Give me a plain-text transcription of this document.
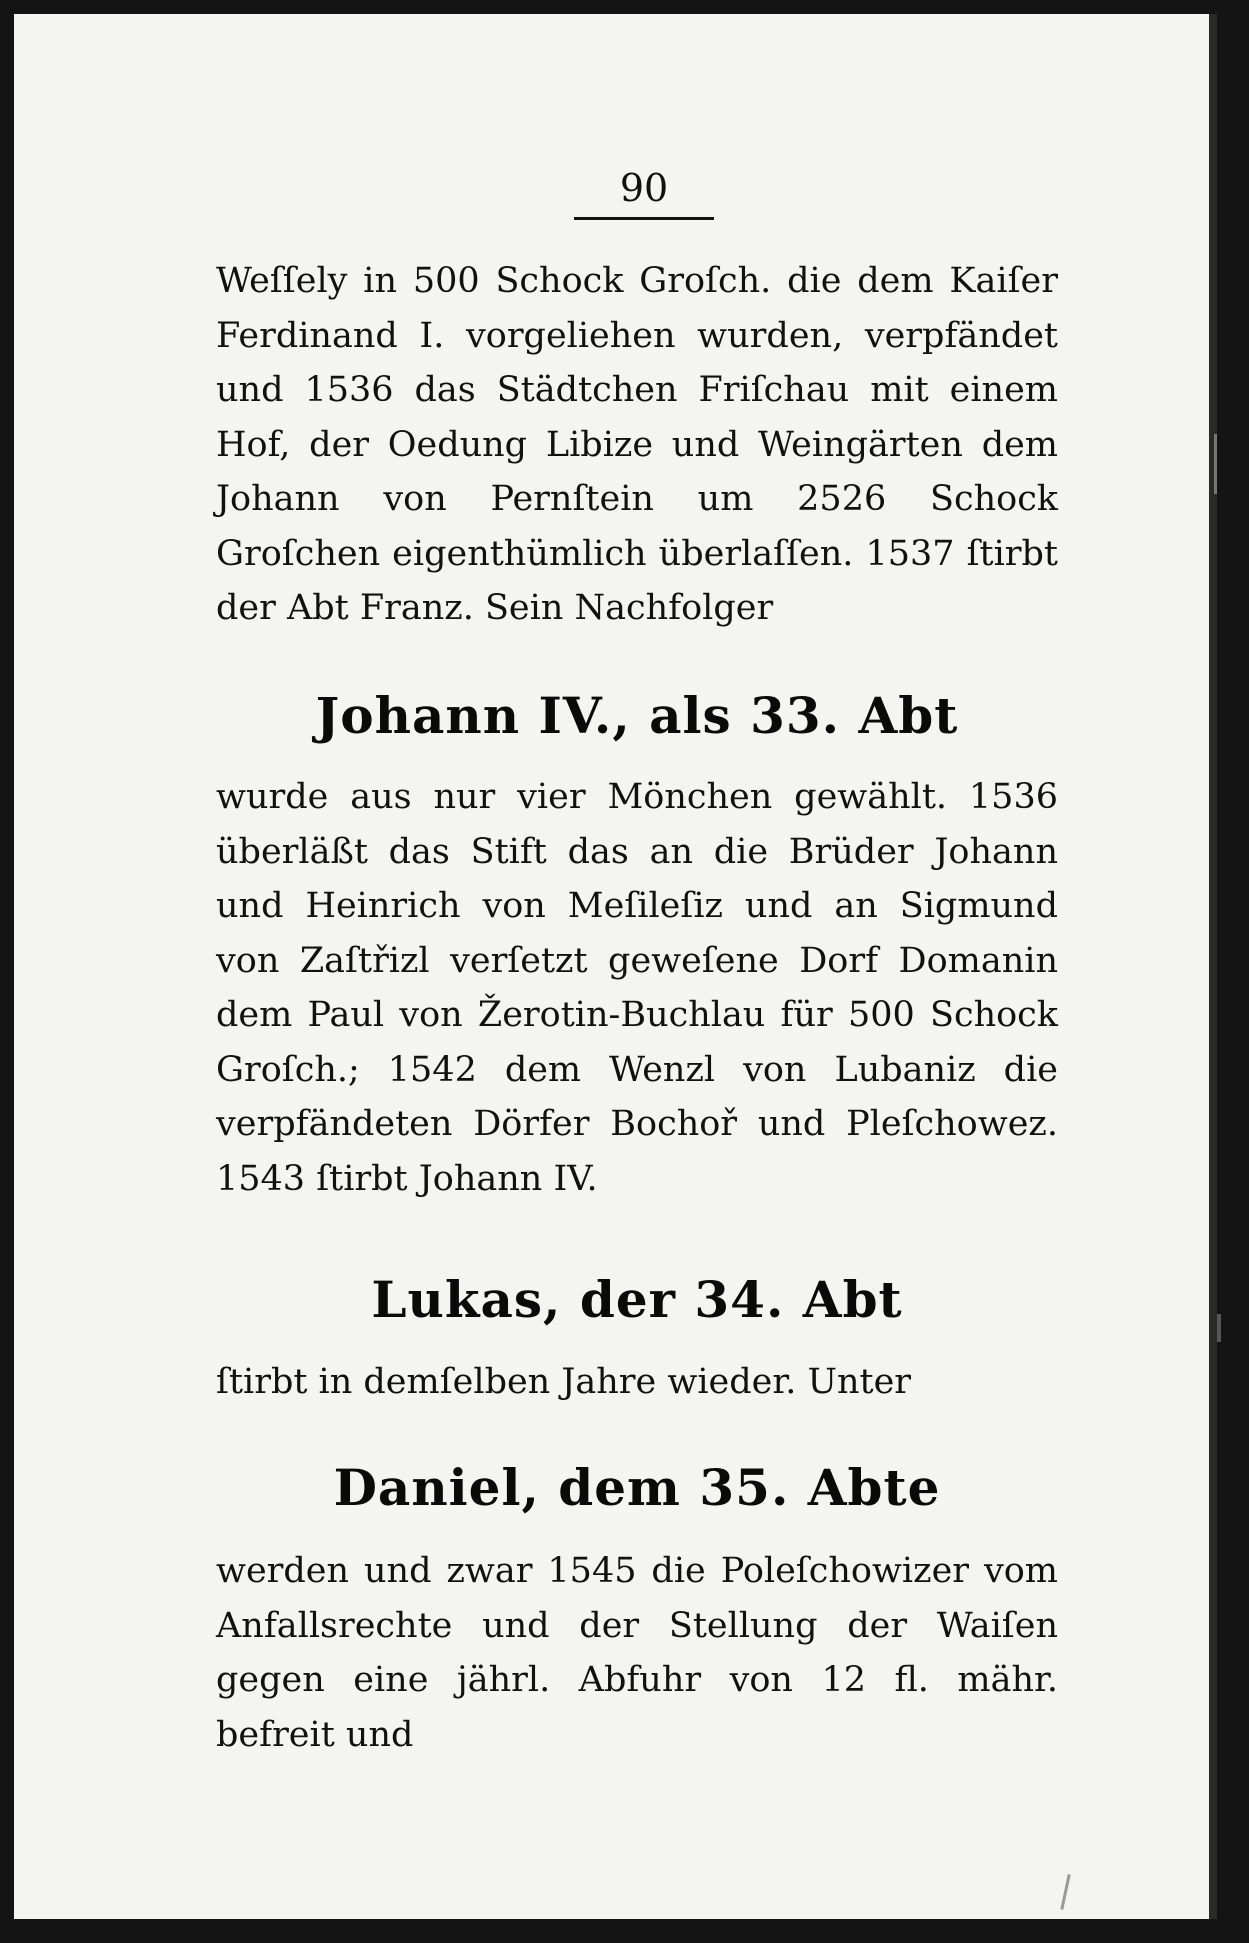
90
Weſſely in 500 Schock Groſch. die dem Kaiſer Ferdinand I. vorgeliehen wurden, verpfändet und 1536 das Städtchen Friſchau mit einem Hof, der Oedung Libize und Weingärten dem Johann von Pernſtein um 2526 Schock Groſchen eigenthümlich überlaſſen. 1537 ſtirbt der Abt Franz. Sein Nachfolger
Johann IV., als 33. Abt
wurde aus nur vier Mönchen gewählt. 1536 überläßt das Stift das an die Brüder Johann und Heinrich von Meſileſiz und an Sigmund von Zaſtřizl verſetzt geweſene Dorf Domanin dem Paul von Žerotin-Buchlau für 500 Schock Groſch.; 1542 dem Wenzl von Lubaniz die verpfändeten Dörfer Bochoř und Pleſchowez. 1543 ſtirbt Johann IV.
Lukas, der 34. Abt
ſtirbt in demſelben Jahre wieder. Unter
Daniel, dem 35. Abte
werden und zwar 1545 die Poleſchowizer vom Anfallsrechte und der Stellung der Waiſen gegen eine jährl. Abfuhr von 12 fl. mähr. befreit und
